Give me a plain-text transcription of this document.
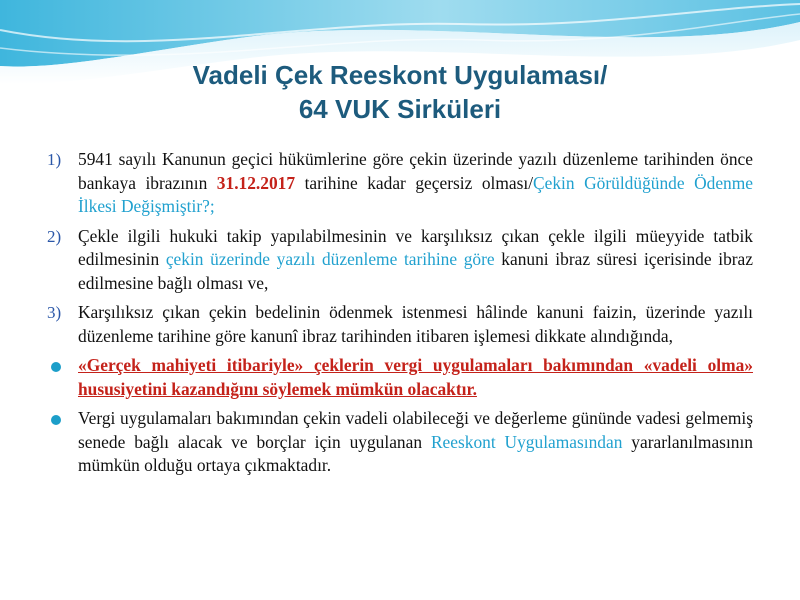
Vadeli Çek Reeskont Uygulaması/
64 VUK Sirküleri
1) 5941 sayılı Kanunun geçici hükümlerine göre çekin üzerinde yazılı düzenleme tarihinden önce bankaya ibrazının 31.12.2017 tarihine kadar geçersiz olması/Çekin Görüldüğünde Ödenme İlkesi Değişmiştir?;
2) Çekle ilgili hukuki takip yapılabilmesinin ve karşılıksız çıkan çekle ilgili müeyyide tatbik edilmesinin çekin üzerinde yazılı düzenleme tarihine göre kanuni ibraz süresi içerisinde ibraz edilmesine bağlı olması ve,
3) Karşılıksız çıkan çekin bedelinin ödenmek istenmesi hâlinde kanuni faizin, üzerinde yazılı düzenleme tarihine göre kanunî ibraz tarihinden itibaren işlemesi dikkate alındığında,
«Gerçek mahiyeti itibariyle» çeklerin vergi uygulamaları bakımından «vadeli olma» hususiyetini kazandığını söylemek mümkün olacaktır.
Vergi uygulamaları bakımından çekin vadeli olabileceği ve değerleme gününde vadesi gelmemiş senede bağlı alacak ve borçlar için uygulanan Reeskont Uygulamasından yararlanılmasının mümkün olduğu ortaya çıkmaktadır.
